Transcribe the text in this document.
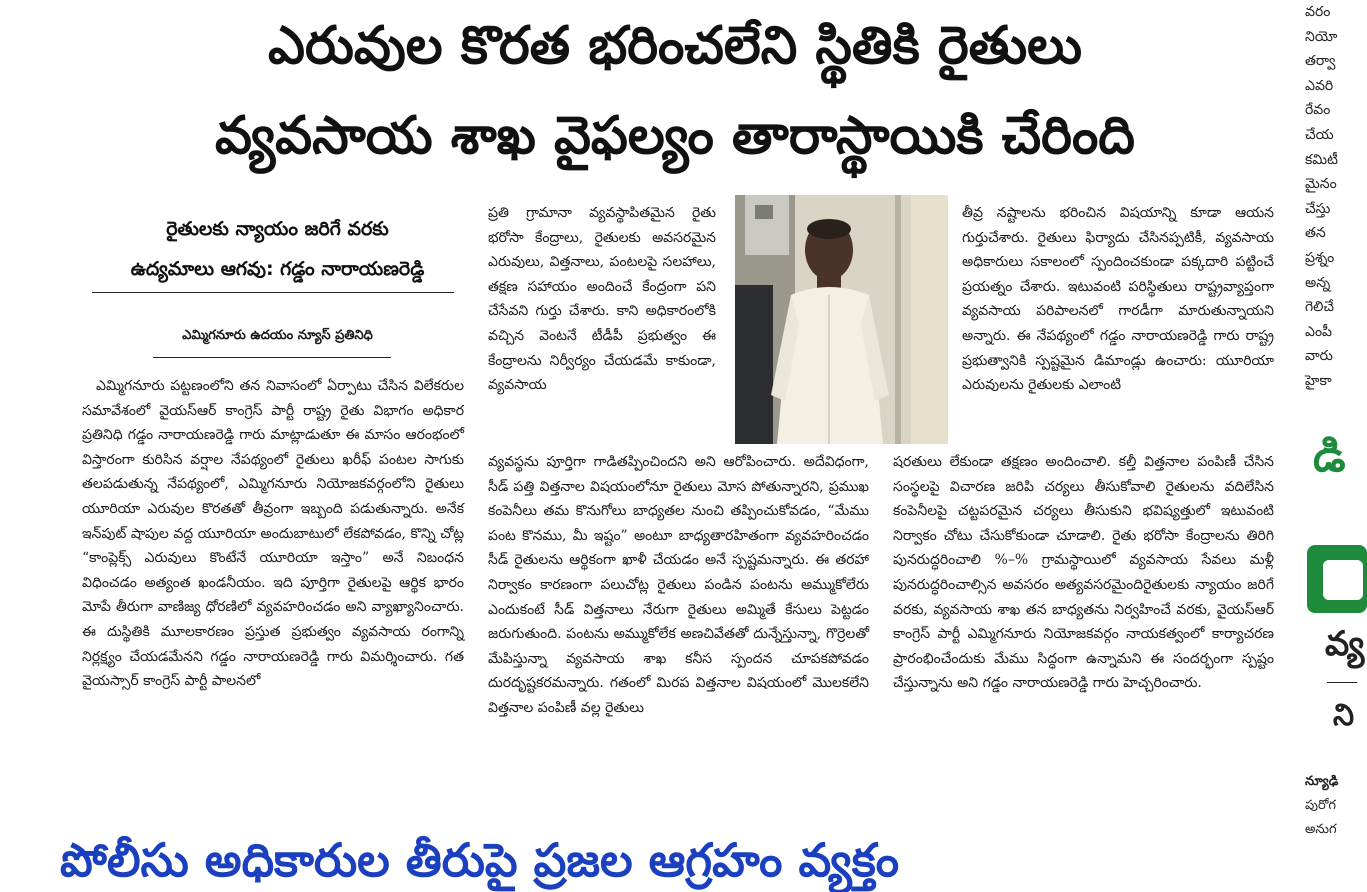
ఎరువుల కొరత భరించలేని స్థితికి రైతులు
వ్యవసాయ శాఖ వైఫల్యం తారాస్థాయికి చేరింది
రైతులకు న్యాయం జరిగే వరకు
ఉద్యమాలు ఆగవు: గడ్డం నారాయణరెడ్డి
ఎమ్మిగనూరు ఉదయం న్యూస్ ప్రతినిధి

ఎమ్మిగనూరు పట్టణంలోని తన నివాసంలో ఏర్పాటు చేసిన విలేకరుల సమావేశంలో వైయస్ఆర్ కాంగ్రెస్ పార్టీ రాష్ట్ర రైతు విభాగం అధికార ప్రతినిధి గడ్డం నారాయణరెడ్డి గారు మాట్లాడుతూ ఈ మాసం ఆరంభంలో విస్తారంగా కురిసిన వర్షాల నేపథ్యంలో రైతులు ఖరీఫ్ పంటల సాగుకు తలపడుతున్న నేపథ్యంలో, ఎమ్మిగనూరు నియోజకవర్గంలోని రైతులు యూరియా ఎరువుల కొరతతో తీవ్రంగా ఇబ్బంది పడుతున్నారు. అనేక ఇన్‌పుట్ షాపుల వద్ద యూరియా అందుబాటులో లేకపోవడం, కొన్ని చోట్ల “కాంప్లెక్స్ ఎరువులు కొంటేనే యూరియా ఇస్తాం” అనే నిబంధన విధించడం అత్యంత ఖండనీయం. ఇది పూర్తిగా రైతులపై ఆర్థిక భారం మోపే తీరుగా వాణిజ్య ధోరణిలో వ్యవహరించడం అని వ్యాఖ్యానించారు. ఈ దుస్థితికి మూలకారణం ప్రస్తుత ప్రభుత్వం వ్యవసాయ రంగాన్ని నిర్లక్ష్యం చేయడమేనని గడ్డం నారాయణరెడ్డి గారు విమర్శించారు. గత వైయస్సార్ కాంగ్రెస్ పార్టీ పాలనలో

ప్రతి గ్రామానా వ్యవస్థాపితమైన రైతు భరోసా కేంద్రాలు, రైతులకు అవసరమైన ఎరువులు, విత్తనాలు, పంటలపై సలహాలు, తక్షణ సహాయం అందించే కేంద్రంగా పని చేసేవని గుర్తు చేశారు. కాని అధికారంలోకి వచ్చిన వెంటనే టీడీపీ ప్రభుత్వం ఈ కేంద్రాలను నిర్వీర్యం చేయడమే కాకుండా, వ్యవసాయ

వ్యవస్థను పూర్తిగా గాడితప్పించిందని అని ఆరోపించారు. అదేవిధంగా, సీడ్ పత్తి విత్తనాల విషయంలోనూ రైతులు మోస పోతున్నారని, ప్రముఖ కంపెనీలు తమ కొనుగోలు బాధ్యతల నుంచి తప్పించుకోవడం, “మేము పంట కొనము, మీ ఇష్టం” అంటూ బాధ్యతారహితంగా వ్యవహరించడం సీడ్ రైతులను ఆర్థికంగా ఖాళీ చేయడం అనే స్పష్టమన్నారు. ఈ తరహా నిర్వాకం కారణంగా పలుచోట్ల రైతులు పండిన పంటను అమ్ముకోలేరు ఎందుకంటే సీడ్ విత్తనాలు నేరుగా రైతులు అమ్మితే కేసులు పెట్టడం జరుగుతుంది. పంటను అమ్ముకోలేక అణచివేతతో దున్నేస్తున్నా, గొర్రెలతో మేపిస్తున్నా వ్యవసాయ శాఖ కనీస స్పందన చూపకపోవడం దురదృష్టకరమన్నారు. గతంలో మిరప విత్తనాల విషయంలో మొలకలేని విత్తనాల పంపిణీ వల్ల రైతులు

తీవ్ర నష్టాలను భరించిన విషయాన్ని కూడా ఆయన గుర్తుచేశారు. రైతులు ఫిర్యాదు చేసినప్పటికీ, వ్యవసాయ అధికారులు సకాలంలో స్పందించకుండా పక్కదారి పట్టించే ప్రయత్నం చేశారు. ఇటువంటి పరిస్థితులు రాష్ట్రవ్యాప్తంగా వ్యవసాయ పరిపాలనలో గారడీగా మారుతున్నాయని అన్నారు. ఈ నేపథ్యంలో గడ్డం నారాయణరెడ్డి గారు రాష్ట్ర ప్రభుత్వానికి స్పష్టమైన డిమాండ్లు ఉంచారు: యూరియా ఎరువులను రైతులకు ఎలాంటి

షరతులు లేకుండా తక్షణం అందించాలి. కల్తీ విత్తనాల పంపిణీ చేసిన సంస్థలపై విచారణ జరిపి చర్యలు తీసుకోవాలి రైతులను వదిలేసిన కంపెనీలపై చట్టపరమైన చర్యలు తీసుకుని భవిష్యత్తులో ఇటువంటి నిర్వాకం చోటు చేసుకోకుండా చూడాలి. రైతు భరోసా కేంద్రాలను తిరిగి పునరుద్ధరించాలి %–% గ్రామస్థాయిలో వ్యవసాయ సేవలు మళ్లీ పునరుద్ధరించాల్సిన అవసరం అత్యవసరమైందిరైతులకు న్యాయం జరిగే వరకు, వ్యవసాయ శాఖ తన బాధ్యతను నిర్వహించే వరకు, వైయస్ఆర్ కాంగ్రెస్ పార్టీ ఎమ్మిగనూరు నియోజకవర్గం నాయకత్వంలో కార్యాచరణ ప్రారంభించేందుకు మేము సిద్ధంగా ఉన్నామని ఈ సందర్భంగా స్పష్టం చేస్తున్నాను అని గడ్డం నారాయణరెడ్డి గారు హెచ్చరించారు.

వరం
నియో
తర్వా
ఎవరి
రేవం
చేయ
కమిటీ
మైనం
చేస్తు
తన
ప్రశ్నం
అన్న
గెలిచే
ఎంపీ
వారు
హైకా
డి
వ్య
ని
న్యూఢి
పురోగ
అనుగ
పోలీసు అధికారుల తీరుపై ప్రజల ఆగ్రహం వ్యక్తం
